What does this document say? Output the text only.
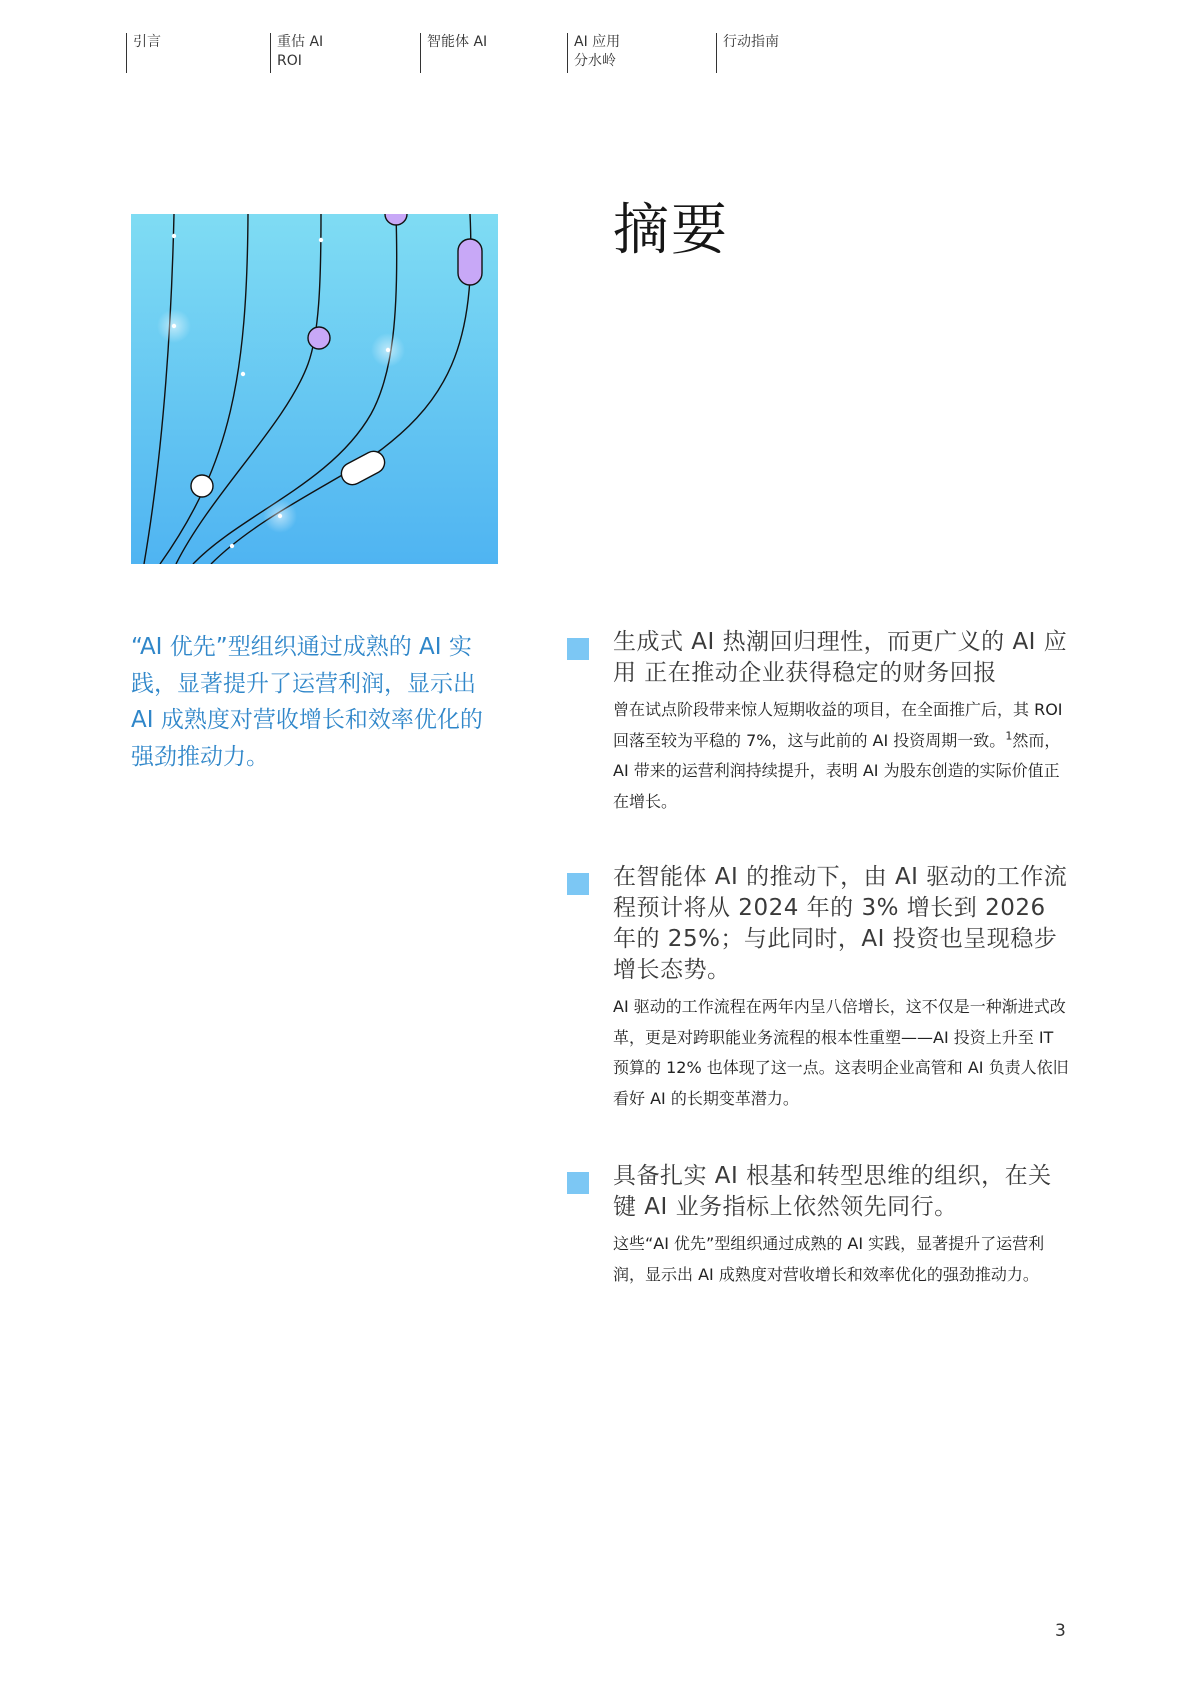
引言	重估 AI
ROI
智能体 AI	AI 应用
分水岭
行动指南
摘要
“AI 优先”型组织通过成熟的 AI 实践，显著提升了运营利润，显示出 AI 成熟度对营收增长和效率优化的强劲推动力。
生成式 AI 热潮回归理性，而更广义的 AI 应用 正在推动企业获得稳定的财务回报
曾在试点阶段带来惊人短期收益的项目，在全面推广后，其 ROI 回落至较为平稳的 7%，这与此前的 AI 投资周期一致。$^1$然而，AI 带来的运营利润持续提升，表明 AI 为股东创造的实际价值正在增长。
在智能体 AI 的推动下，由 AI 驱动的工作流程预计将从 2024 年的 3% 增长到 2026 年的 25%；与此同时，AI 投资也呈现稳步增长态势。
AI 驱动的工作流程在两年内呈八倍增长，这不仅是一种渐进式改革，更是对跨职能业务流程的根本性重塑——AI 投资上升至 IT 预算的 12% 也体现了这一点。这表明企业高管和 AI 负责人依旧看好 AI 的长期变革潜力。
具备扎实 AI 根基和转型思维的组织，在关键 AI 业务指标上依然领先同行。
这些“AI 优先”型组织通过成熟的 AI 实践，显著提升了运营利润，显示出 AI 成熟度对营收增长和效率优化的强劲推动力。
3
